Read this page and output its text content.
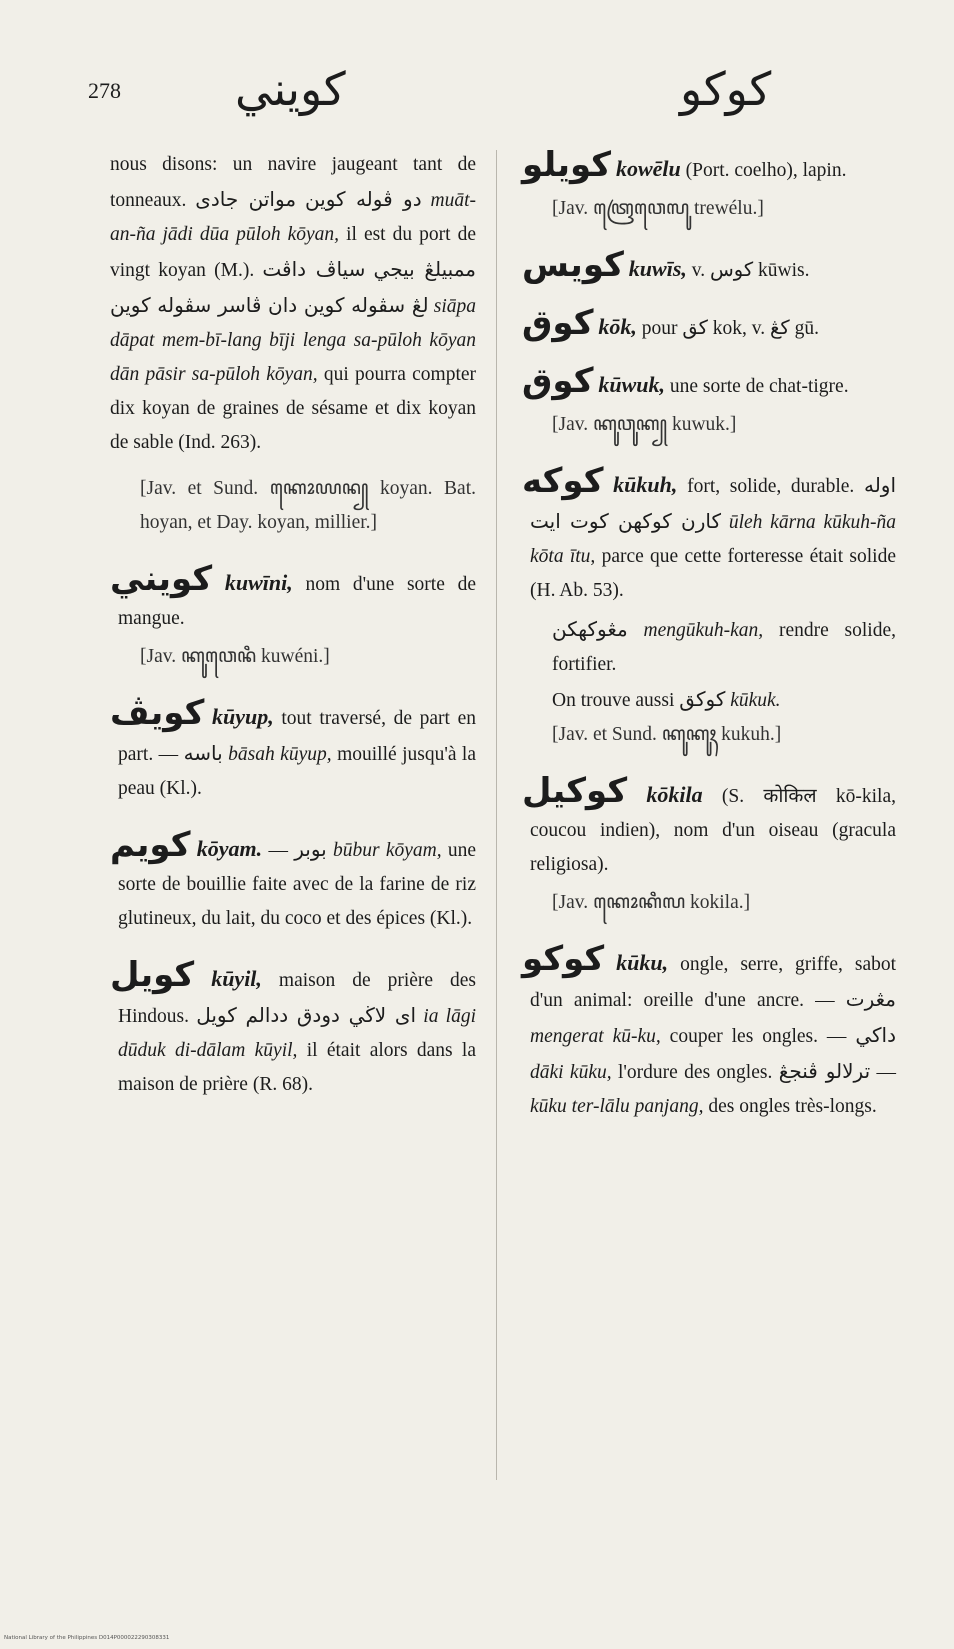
278 كويني	كوكو

nous disons: un navire jaugeant tant de tonneaux. مواتن جادى دو ڤوله كوين muāt-an-ña jādi dūa pūloh kōyan, il est du port de vingt koyan (M.). سياڤ داڤت ممبيلڠ بيجي لڠ سڤوله كوين دان ڤاسر سڤوله كوين siāpa dāpat mem-bī-lang bīji lenga sa-pūloh kōyan dān pāsir sa-pūloh kōyan, qui pourra compter dix koyan de graines de sésame et dix koyan de sable (Ind. 263).

[Jav. et Sund. ꦏꦺꦴꦪꦤ꧀ koyan. Bat. hoyan, et Day. koyan, millier.]

كويني kuwīni, nom d'une sorte de mangue.

[Jav. ꦏꦸꦮꦺꦤꦶ kuwéni.]

كويڤ kūyup, tout traversé, de part en part. — باسه bāsah kūyup, mouillé jusqu'à la peau (Kl.).

كويم kōyam. — بوبر būbur kōyam, une sorte de bouillie faite avec de la farine de riz glutineux, du lait, du coco et des épices (Kl.).

كويل kūyil, maison de prière des Hindous. اى لاڬي دودق ددالم كويل ia lāgi dūduk di-dālam kūyil, il était alors dans la maison de prière (R. 68).

كويلو kowēlu (Port. coelho), lapin.

[Jav. ꦠꦿꦺꦮꦺꦭꦸ trewélu.]

كويس kuwīs, v. كوس kūwis.

كوق kōk, pour كق kok, v. كڠ gū.

كوق kūwuk, une sorte de chat-tigre.

[Jav. ꦏꦸꦮꦸꦏ꧀ kuwuk.]

كوكه kūkuh, fort, solide, durable. اوله كارن كوكهن كوت ايت ūleh kārna kūkuh-ña kōta ītu, parce que cette forteresse était solide (H. Ab. 53).

مڠوكهكن mengūkuh-kan, rendre solide, fortifier.

On trouve aussi كوكق kūkuk.

[Jav. et Sund. ꦏꦸꦏꦸꦃ kukuh.]

كوكيل kōkila (S. कोकिल kō-kila, coucou indien), nom d'un oiseau (gracula religiosa).

[Jav. ꦏꦺꦴꦏꦶꦭ kokila.]

كوكو kūku, ongle, serre, griffe, sabot d'un animal: oreille d'une ancre. — مڠرت mengerat kū-ku, couper les ongles. — داكي dāki kūku, l'ordure des ongles. ترلالو ڤنجڠ — kūku ter-lālu panjang, des ongles très-longs.

National Library of the Philippines D014P000022290308331
